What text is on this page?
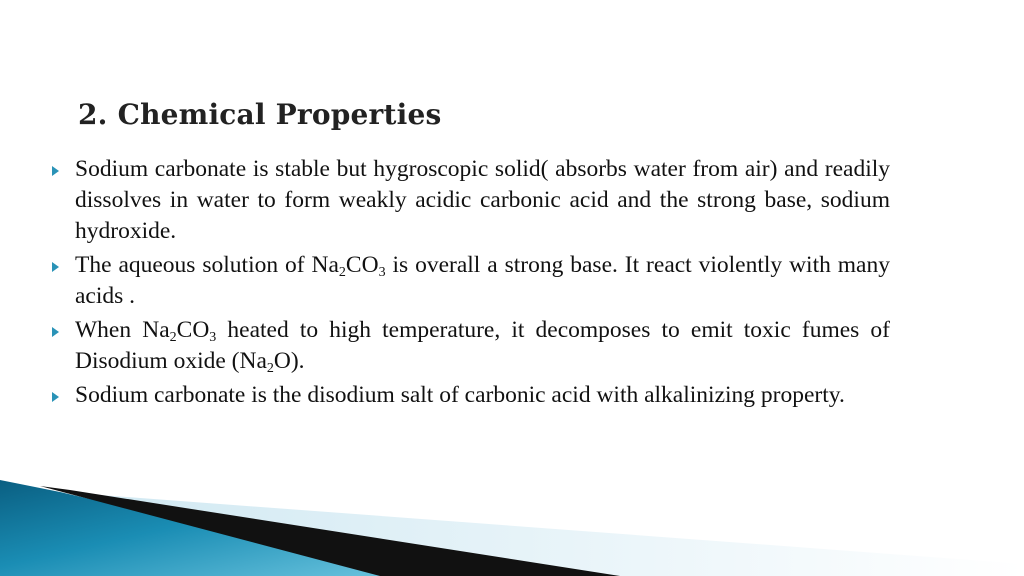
2. Chemical Properties
Sodium carbonate is stable but hygroscopic solid( absorbs water from air) and readily dissolves in water to form weakly acidic carbonic acid and the strong base, sodium hydroxide.
The aqueous solution of $Na_2CO_3$ is overall a strong base. It react violently with many acids .
When $Na_2CO_3$ heated to high temperature, it decomposes to emit toxic fumes of Disodium oxide $(Na_2O)$.
Sodium carbonate is the disodium salt of carbonic acid with alkalinizing property.
